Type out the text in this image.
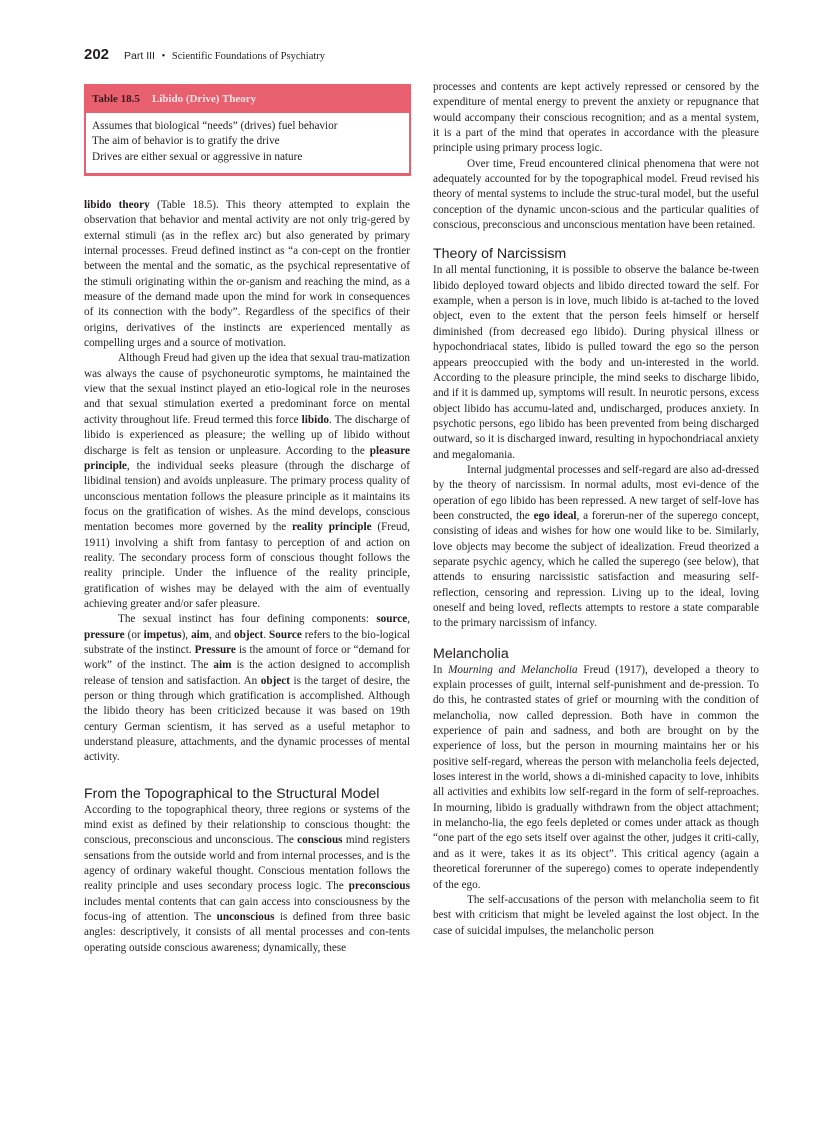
202 Part III • Scientific Foundations of Psychiatry
Table 18.5 Libido (Drive) Theory
Assumes that biological “needs” (drives) fuel behavior
The aim of behavior is to gratify the drive
Drives are either sexual or aggressive in nature

libido theory (Table 18.5). This theory attempted to explain the observation that behavior and mental activity are not only trig-gered by external stimuli (as in the reflex arc) but also generated by primary internal processes. Freud defined instinct as “a con-cept on the frontier between the mental and the somatic, as the psychical representative of the stimuli originating within the or-ganism and reaching the mind, as a measure of the demand made upon the mind for work in consequences of its connection with the body”. Regardless of the specifics of their origins, derivatives of the instincts are experienced mentally as compelling urges and a source of motivation.

Although Freud had given up the idea that sexual trau-matization was always the cause of psychoneurotic symptoms, he maintained the view that the sexual instinct played an etio-logical role in the neuroses and that sexual stimulation exerted a predominant force on mental activity throughout life. Freud termed this force libido. The discharge of libido is experienced as pleasure; the welling up of libido without discharge is felt as tension or unpleasure. According to the pleasure principle, the individual seeks pleasure (through the discharge of libidinal tension) and avoids unpleasure. The primary process quality of unconscious mentation follows the pleasure principle as it maintains its focus on the gratification of wishes. As the mind develops, conscious mentation becomes more governed by the reality principle (Freud, 1911) involving a shift from fantasy to perception of and action on reality. The secondary process form of conscious thought follows the reality principle. Under the influence of the reality principle, gratification of wishes may be delayed with the aim of eventually achieving greater and/or safer pleasure.

The sexual instinct has four defining components: source, pressure (or impetus), aim, and object. Source refers to the bio-logical substrate of the instinct. Pressure is the amount of force or “demand for work” of the instinct. The aim is the action designed to accomplish release of tension and satisfaction. An object is the target of desire, the person or thing through which gratification is accomplished. Although the libido theory has been criticized because it was based on 19th century German scientism, it has served as a useful metaphor to understand pleasure, attachments, and the dynamic processes of mental activity.

From the Topographical to the Structural Model

According to the topographical theory, three regions or systems of the mind exist as defined by their relationship to conscious thought: the conscious, preconscious and unconscious. The conscious mind registers sensations from the outside world and from internal processes, and is the agency of ordinary wakeful thought. Conscious mentation follows the reality principle and uses secondary process logic. The preconscious includes mental contents that can gain access into consciousness by the focus-ing of attention. The unconscious is defined from three basic angles: descriptively, it consists of all mental processes and con-tents operating outside conscious awareness; dynamically, these

processes and contents are kept actively repressed or censored by the expenditure of mental energy to prevent the anxiety or repugnance that would accompany their conscious recognition; and as a mental system, it is a part of the mind that operates in accordance with the pleasure principle using primary process logic.

Over time, Freud encountered clinical phenomena that were not adequately accounted for by the topographical model. Freud revised his theory of mental systems to include the struc-tural model, but the useful conception of the dynamic uncon-scious and the particular qualities of conscious, preconscious and unconscious mentation have been retained.

Theory of Narcissism

In all mental functioning, it is possible to observe the balance be-tween libido deployed toward objects and libido directed toward the self. For example, when a person is in love, much libido is at-tached to the loved object, even to the extent that the person feels himself or herself diminished (from decreased ego libido). During physical illness or hypochondriacal states, libido is pulled toward the ego so the person appears preoccupied with the body and un-interested in the world. According to the pleasure principle, the mind seeks to discharge libido, and if it is dammed up, symptoms will result. In neurotic persons, excess object libido has accumu-lated and, undischarged, produces anxiety. In psychotic persons, ego libido has been prevented from being discharged outward, so it is discharged inward, resulting in hypochondriacal anxiety and megalomania.

Internal judgmental processes and self-regard are also ad-dressed by the theory of narcissism. In normal adults, most evi-dence of the operation of ego libido has been repressed. A new target of self-love has been constructed, the ego ideal, a forerun-ner of the superego concept, consisting of ideas and wishes for how one would like to be. Similarly, love objects may become the subject of idealization. Freud theorized a separate psychic agency, which he called the superego (see below), that attends to ensuring narcissistic satisfaction and measuring self-reflection, censoring and repression. Living up to the ideal, loving oneself and being loved, reflects attempts to restore a state comparable to the primary narcissism of infancy.

Melancholia

In Mourning and Melancholia Freud (1917), developed a theory to explain processes of guilt, internal self-punishment and de-pression. To do this, he contrasted states of grief or mourning with the condition of melancholia, now called depression. Both have in common the experience of pain and sadness, and both are brought on by the experience of loss, but the person in mourning maintains her or his positive self-regard, whereas the person with melancholia feels dejected, loses interest in the world, shows a di-minished capacity to love, inhibits all activities and exhibits low self-regard in the form of self-reproaches. In mourning, libido is gradually withdrawn from the object attachment; in melancho-lia, the ego feels depleted or comes under attack as though “one part of the ego sets itself over against the other, judges it criti-cally, and as it were, takes it as its object”. This critical agency (again a theoretical forerunner of the superego) comes to operate independently of the ego.

The self-accusations of the person with melancholia seem to fit best with criticism that might be leveled against the lost object. In the case of suicidal impulses, the melancholic person
